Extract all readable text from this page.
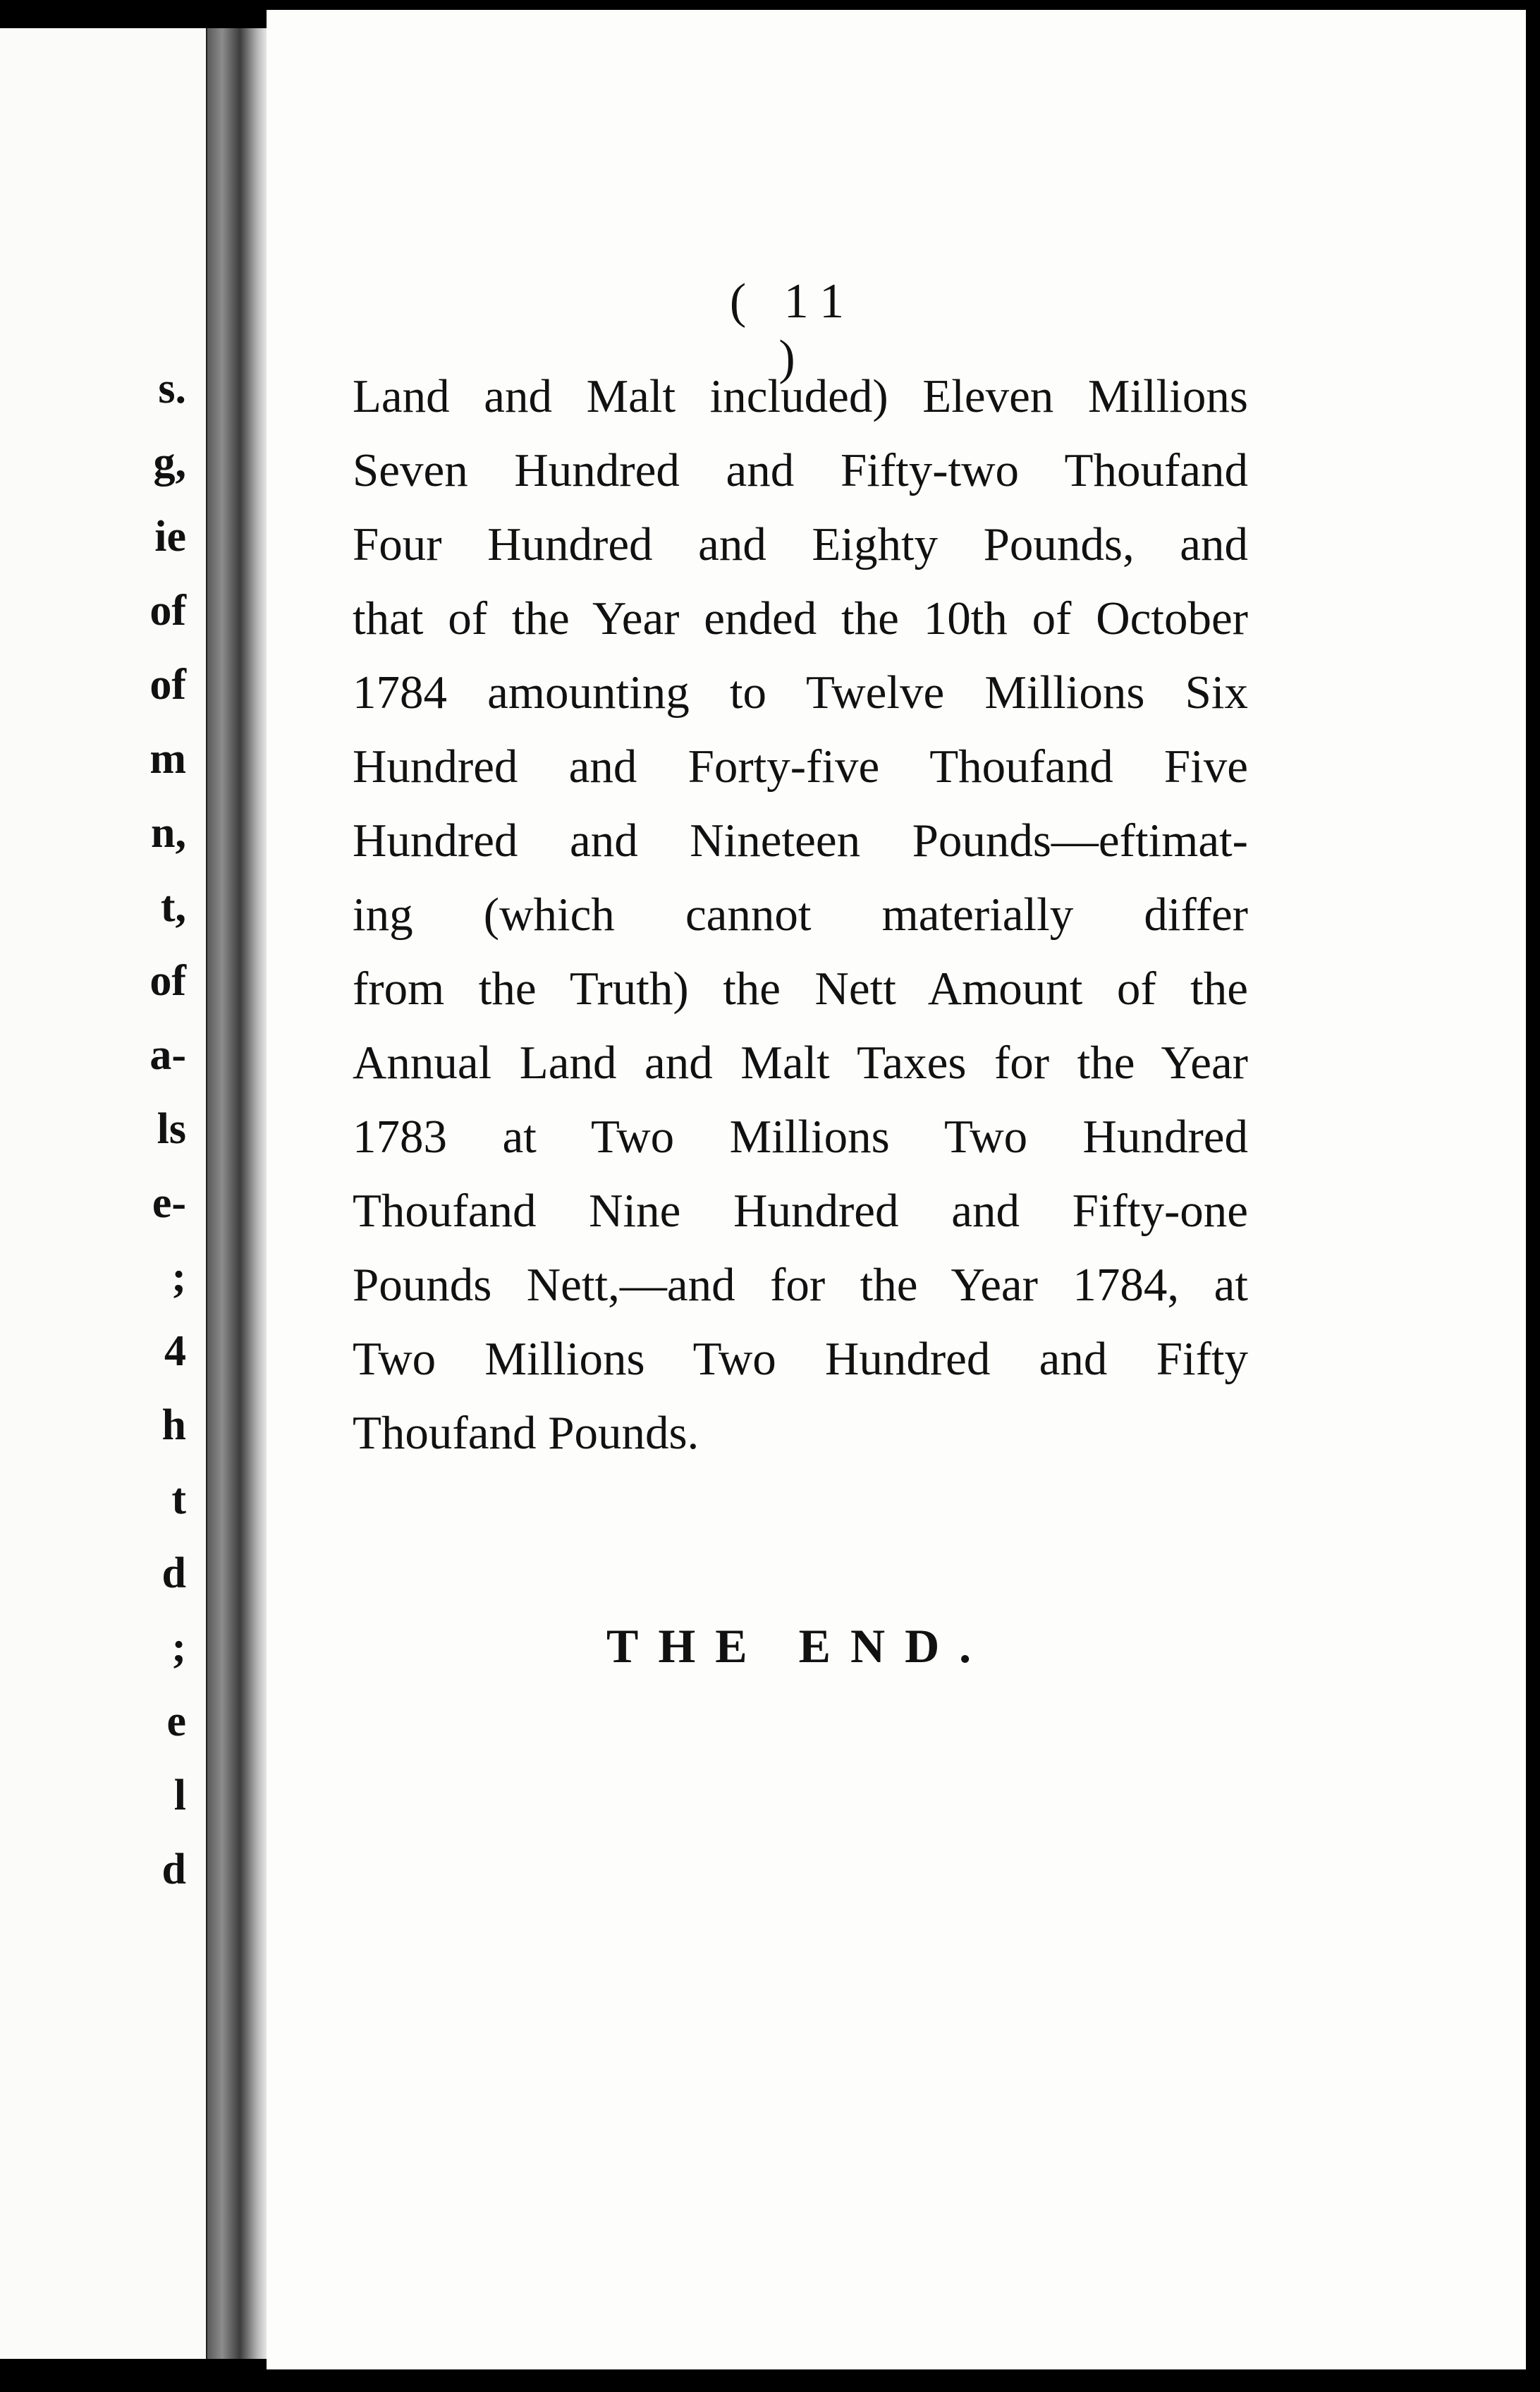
s.
g,
ie
of
of
m
n,
t,
of
a-
ls
e-
;
4
h
t
d
;
e
l
d
( 11 )
Land and Malt included) Eleven Millions
Seven Hundred and Fifty-two Thoufand
Four Hundred and Eighty Pounds, and
that of the Year ended the 10th of October
1784 amounting to Twelve Millions Six
Hundred and Forty-five Thoufand Five
Hundred and Nineteen Pounds—eftimat-
ing (which cannot materially differ
from the Truth) the Nett Amount of the
Annual Land and Malt Taxes for the Year
1783 at Two Millions Two Hundred
Thoufand Nine Hundred and Fifty-one
Pounds Nett,—and for the Year 1784, at
Two Millions Two Hundred and Fifty
Thoufand Pounds.
THE END.
